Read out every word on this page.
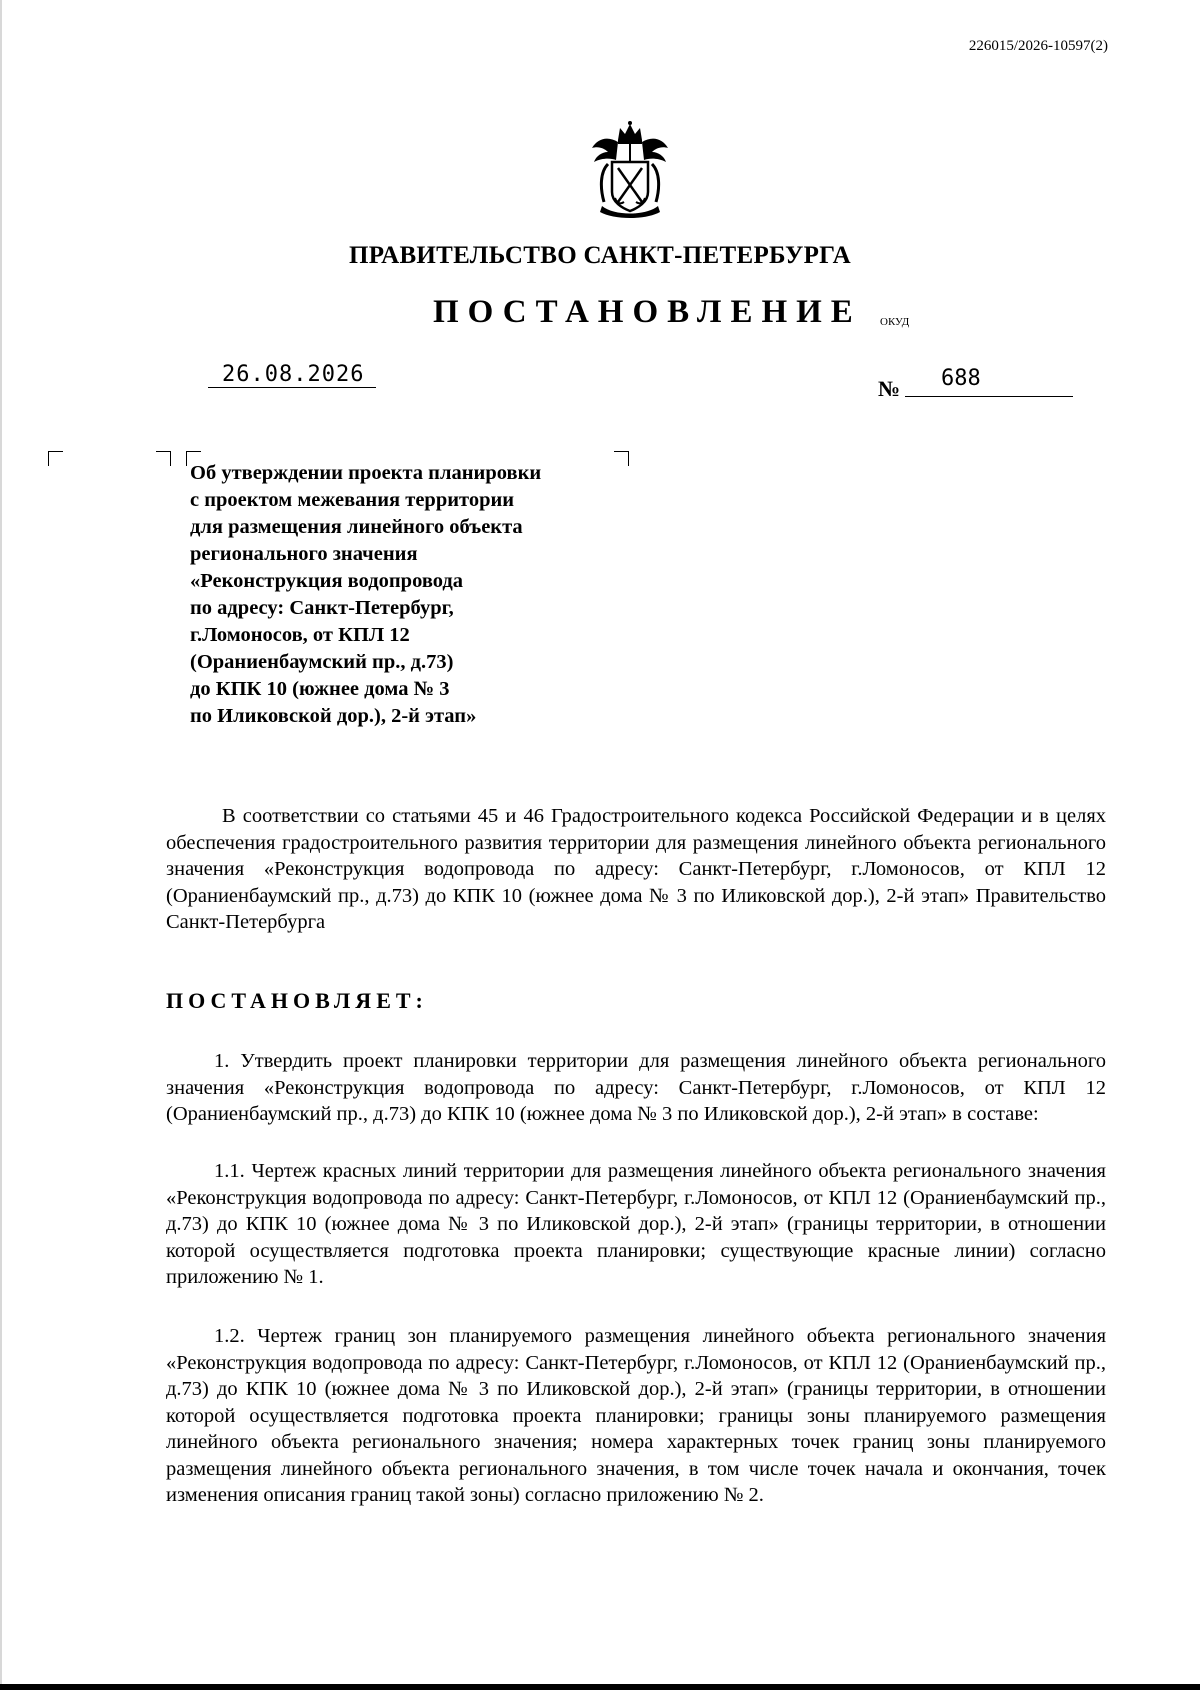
226015/2026-10597(2)
ПРАВИТЕЛЬСТВО САНКТ-ПЕТЕРБУРГА
ПОСТАНОВЛЕНИЕ ОКУД
26.08.2026
№ 688
Об утверждении проекта планировки
с проектом межевания территории
для размещения линейного объекта
регионального значения
«Реконструкция водопровода
по адресу: Санкт-Петербург,
г.Ломоносов, от КПЛ 12
(Ораниенбаумский пр., д.73)
до КПК 10 (южнее дома № 3
по Иликовской дор.), 2-й этап»
В соответствии со статьями 45 и 46 Градостроительного кодекса Российской Федерации и в целях обеспечения градостроительного развития территории для размещения линейного объекта регионального значения «Реконструкция водопровода по адресу: Санкт-Петербург, г.Ломоносов, от КПЛ 12 (Ораниенбаумский пр., д.73) до КПК 10 (южнее дома № 3 по Иликовской дор.), 2-й этап» Правительство Санкт-Петербурга
ПОСТАНОВЛЯЕТ:
1. Утвердить проект планировки территории для размещения линейного объекта регионального значения «Реконструкция водопровода по адресу: Санкт-Петербург, г.Ломоносов, от КПЛ 12 (Ораниенбаумский пр., д.73) до КПК 10 (южнее дома № 3 по Иликовской дор.), 2-й этап» в составе:
1.1. Чертеж красных линий территории для размещения линейного объекта регионального значения «Реконструкция водопровода по адресу: Санкт-Петербург, г.Ломоносов, от КПЛ 12 (Ораниенбаумский пр., д.73) до КПК 10 (южнее дома № 3 по Иликовской дор.), 2-й этап» (границы территории, в отношении которой осуществляется подготовка проекта планировки; существующие красные линии) согласно приложению № 1.
1.2. Чертеж границ зон планируемого размещения линейного объекта регионального значения «Реконструкция водопровода по адресу: Санкт-Петербург, г.Ломоносов, от КПЛ 12 (Ораниенбаумский пр., д.73) до КПК 10 (южнее дома № 3 по Иликовской дор.), 2-й этап» (границы территории, в отношении которой осуществляется подготовка проекта планировки; границы зоны планируемого размещения линейного объекта регионального значения; номера характерных точек границ зоны планируемого размещения линейного объекта регионального значения, в том числе точек начала и окончания, точек изменения описания границ такой зоны) согласно приложению № 2.
